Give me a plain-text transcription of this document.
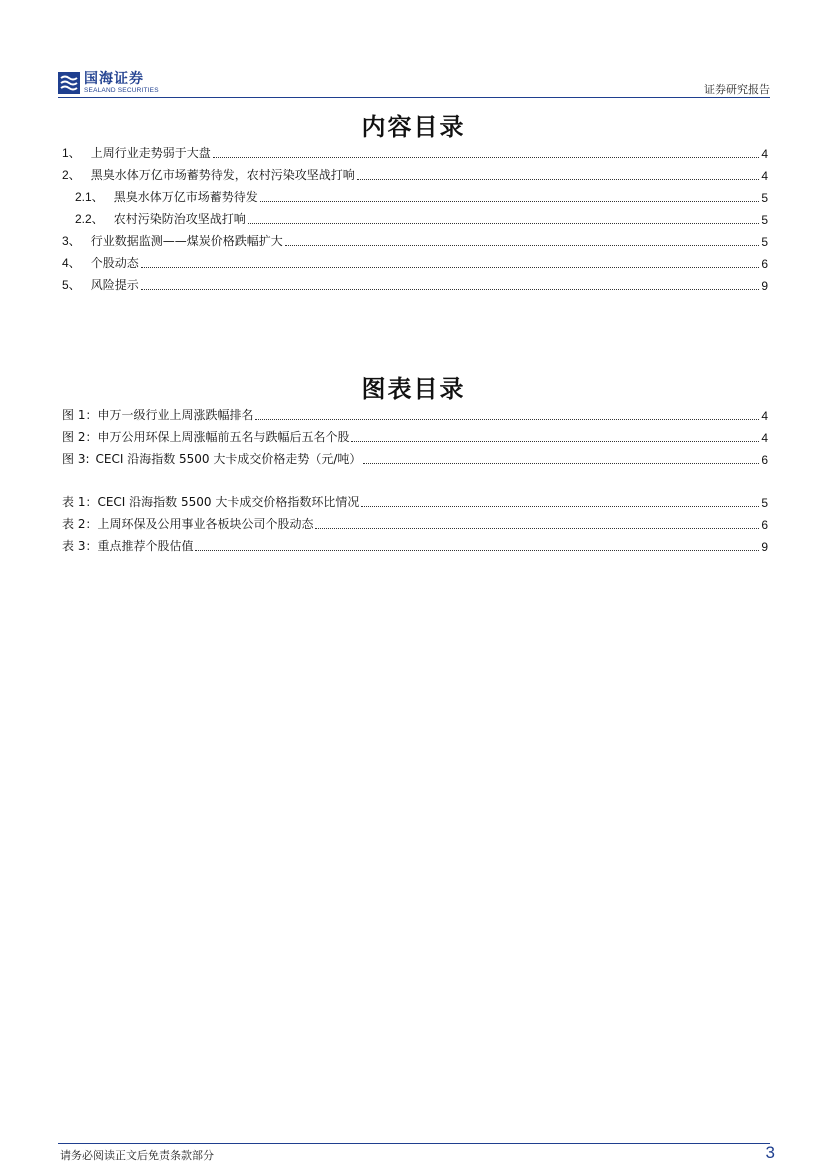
国海证券
SEALAND SECURITIES	证券研究报告
内容目录
1、 上周行业走势弱于大盘	4
2、 黑臭水体万亿市场蓄势待发，农村污染攻坚战打响	4
2.1、 黑臭水体万亿市场蓄势待发	5
2.2、 农村污染防治攻坚战打响	5
3、 行业数据监测——煤炭价格跌幅扩大	5
4、 个股动态	6
5、 风险提示	9
图表目录
图 1： 申万一级行业上周涨跌幅排名	4
图 2： 申万公用环保上周涨幅前五名与跌幅后五名个股	4
图 3: CECI 沿海指数 5500 大卡成交价格走势（元/吨）	6
表 1： CECI 沿海指数 5500 大卡成交价格指数环比情况	5
表 2： 上周环保及公用事业各板块公司个股动态	6
表 3： 重点推荐个股估值	9
请务必阅读正文后免责条款部分	3
